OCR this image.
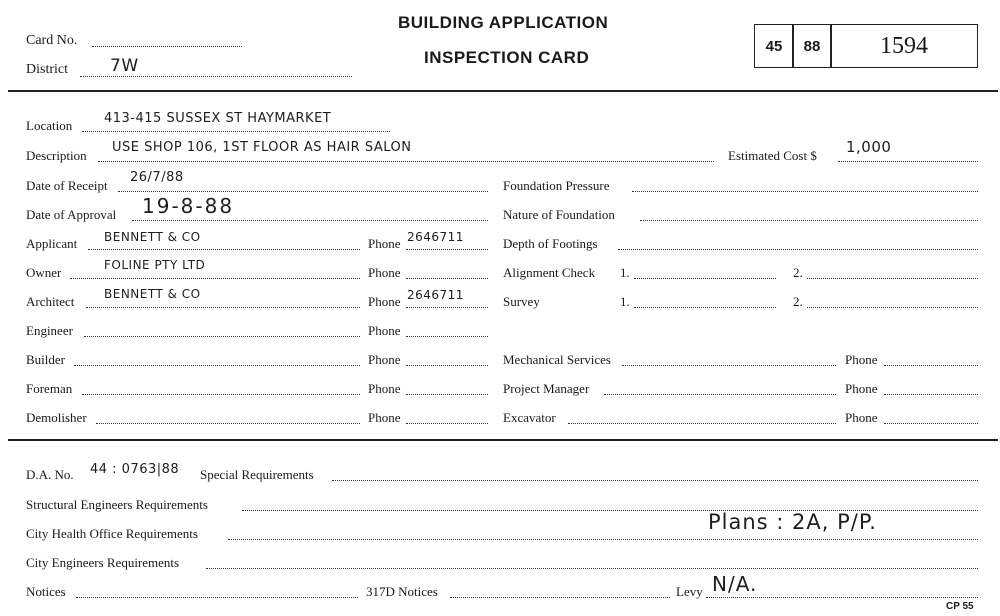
Card No.
District 7W
BUILDING APPLICATION
INSPECTION CARD
45 88 1594
Location 413-415 SUSSEX ST HAYMARKET
Description
USE SHOP 106, 1ST FLOOR AS HAIR SALON
Estimated Cost $ 1,000
Date of Receipt
26/7/88
Date of Approval 19-8-88
Applicant BENNETT & CO	Phone 2646711
Owner	FOLINE PTY LTD	Phone
Architect BENNETT & CO	Phone 2646711
Engineer	Phone
Builder	Phone
Foreman	Phone
Demolisher	Phone
Foundation Pressure
Nature of Foundation
Depth of Footings
Alignment Check 1.	2.
Survey	1.	2.
Mechanical Services	Phone
Project Manager	Phone
Excavator	Phone
D.A. No. 44 : 0763|88 Special Requirements
Structural Engineers Requirements
City Health Office Requirements	Plans : 2A, P/P.
City Engineers Requirements
Notices	317D Notices	Levy N/A.
CP 55
